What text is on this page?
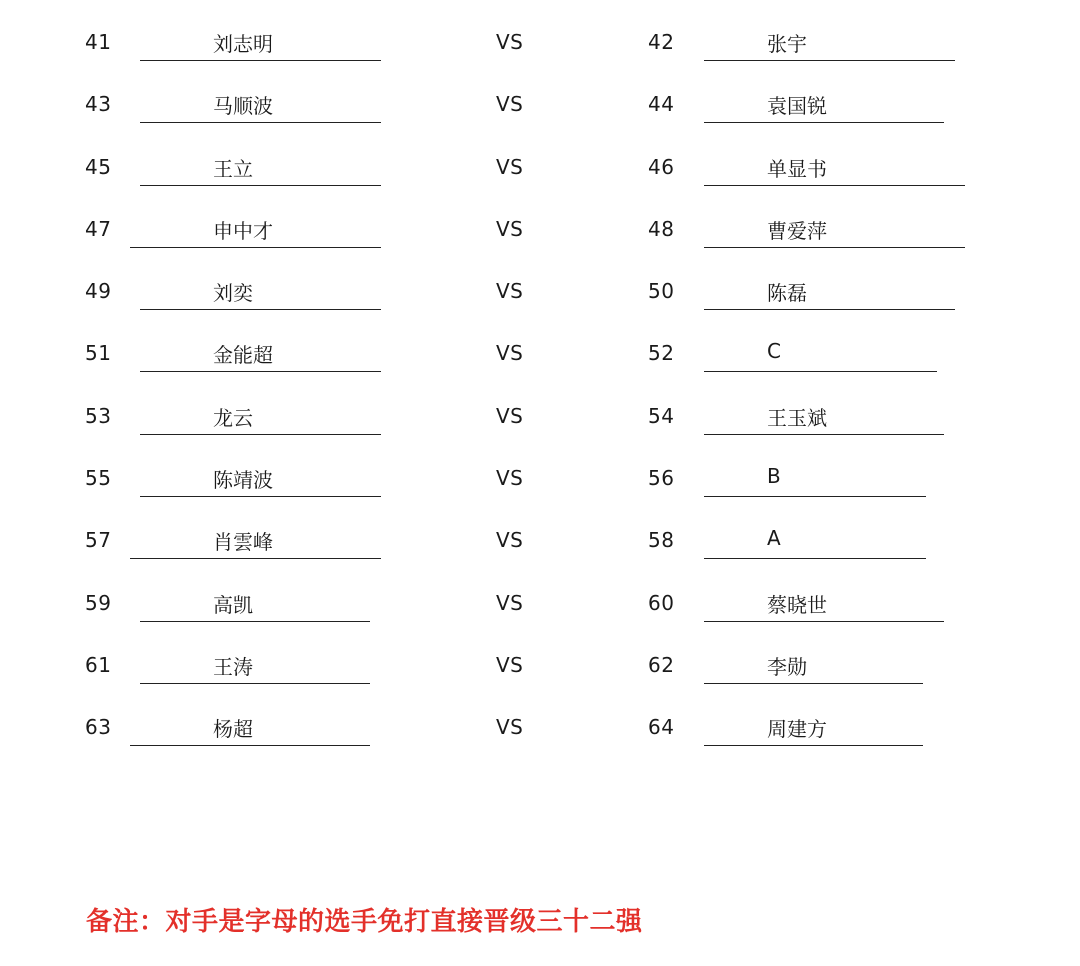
41	刘志明	VS	42	张宇
43	马顺波	VS	44	袁国锐
45	王立	VS	46	单显书
47	申中才	VS	48	曹爱萍
49	刘奕	VS	50	陈磊
51	金能超	VS	52	C
53	龙云	VS	54	王玉斌
55	陈靖波	VS	56	B
57	肖雲峰	VS	58	A
59	高凯	VS	60	蔡晓世
61	王涛	VS	62	李勋
63	杨超	VS	64	周建方
备注：对手是字母的选手免打直接晋级三十二强
